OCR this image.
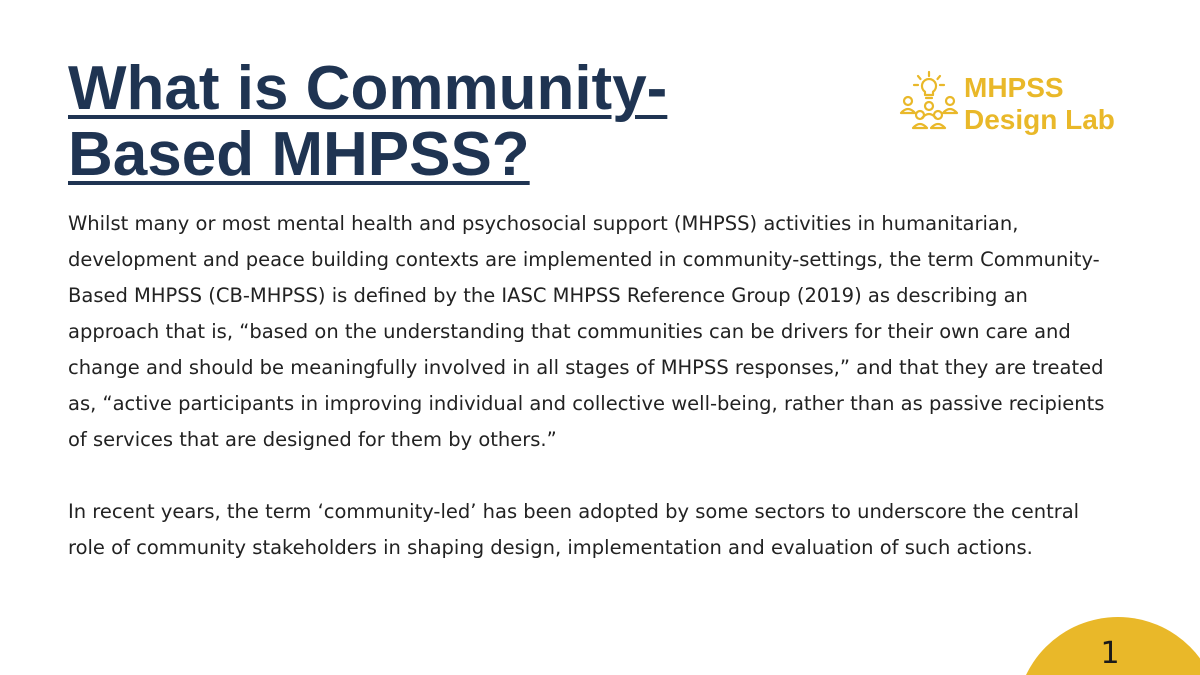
What is Community-
Based MHPSS?
MHPSS
Design Lab

Whilst many or most mental health and psychosocial support (MHPSS) activities in humanitarian, development and peace building contexts are implemented in community-settings, the term Community-Based MHPSS (CB-MHPSS) is defined by the IASC MHPSS Reference Group (2019) as describing an approach that is, “based on the understanding that communities can be drivers for their own care and change and should be meaningfully involved in all stages of MHPSS responses,” and that they are treated as, “active participants in improving individual and collective well-being, rather than as passive recipients of services that are designed for them by others.”

In recent years, the term ‘community-led’ has been adopted by some sectors to underscore the central role of community stakeholders in shaping design, implementation and evaluation of such actions.

1
